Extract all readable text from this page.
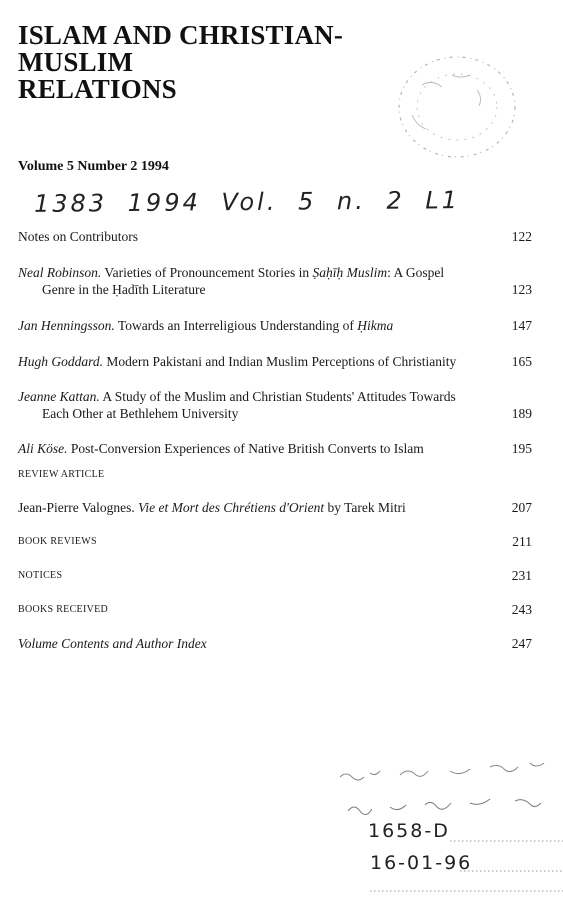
ISLAM AND CHRISTIAN-MUSLIM
RELATIONS
Volume 5 Number 2 1994
1383 1994 Vol. 5 n. 2 L1
Notes on Contributors	122
Neal Robinson. Varieties of Pronouncement Stories in Ṣaḥīḥ Muslim: A Gospel
Genre in the Ḥadīth Literature	123
Jan Henningsson. Towards an Interreligious Understanding of Ḥikma	147
Hugh Goddard. Modern Pakistani and Indian Muslim Perceptions of Christianity	165
Jeanne Kattan. A Study of the Muslim and Christian Students' Attitudes Towards
Each Other at Bethlehem University	189
Ali Köse. Post-Conversion Experiences of Native British Converts to Islam	195
REVIEW ARTICLE
Jean-Pierre Valognes. Vie et Mort des Chrétiens d'Orient by Tarek Mitri	207
BOOK REVIEWS	211
NOTICES	231
BOOKS RECEIVED	243
Volume Contents and Author Index	247
1658-D
16-01-96
